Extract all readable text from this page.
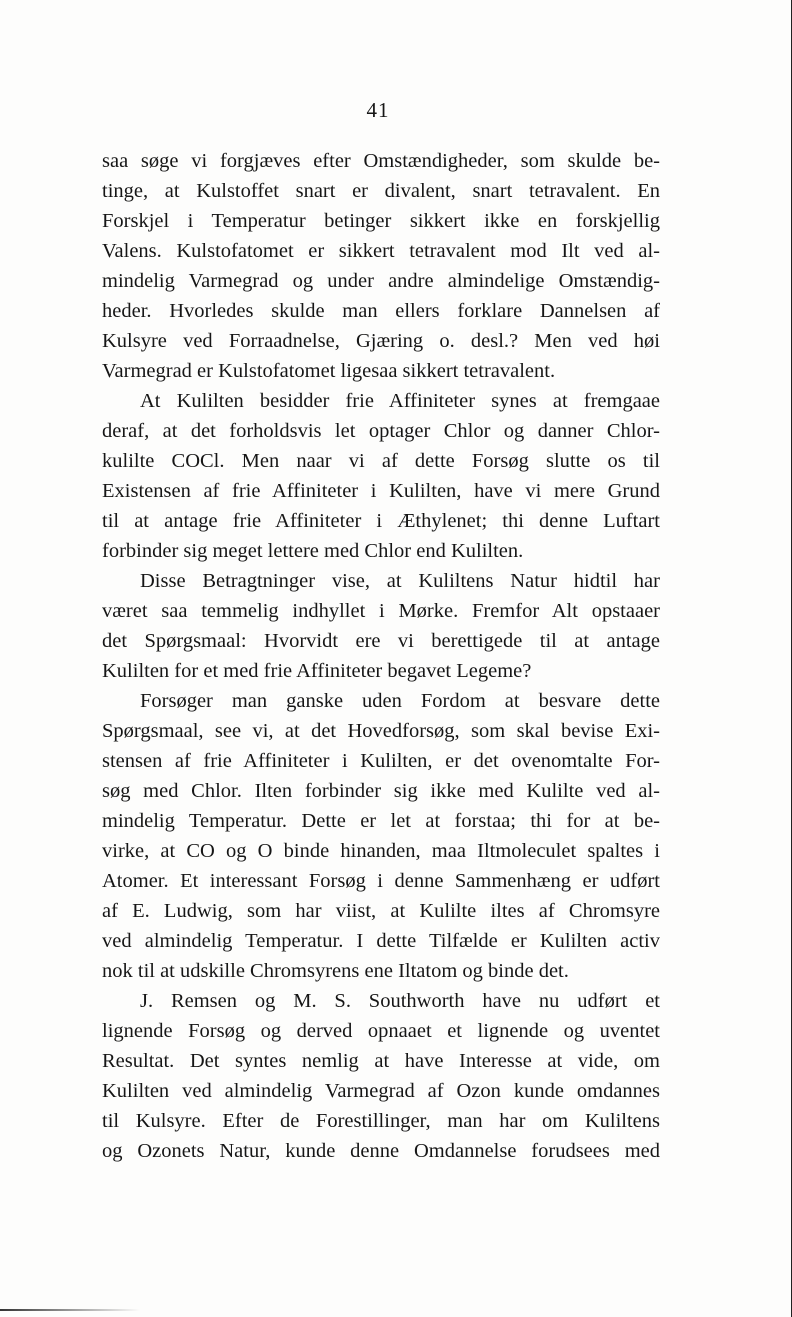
41
saa søge vi forgjæves efter Omstændigheder, som skulde be-
tinge, at Kulstoffet snart er divalent, snart tetravalent. En
Forskjel i Temperatur betinger sikkert ikke en forskjellig
Valens. Kulstofatomet er sikkert tetravalent mod Ilt ved al-
mindelig Varmegrad og under andre almindelige Omstændig-
heder. Hvorledes skulde man ellers forklare Dannelsen af
Kulsyre ved Forraadnelse, Gjæring o. desl.? Men ved høi
Varmegrad er Kulstofatomet ligesaa sikkert tetravalent.
At Kulilten besidder frie Affiniteter synes at fremgaae
deraf, at det forholdsvis let optager Chlor og danner Chlor-
kulilte COCl. Men naar vi af dette Forsøg slutte os til
Existensen af frie Affiniteter i Kulilten, have vi mere Grund
til at antage frie Affiniteter i Æthylenet; thi denne Luftart
forbinder sig meget lettere med Chlor end Kulilten.
Disse Betragtninger vise, at Kuliltens Natur hidtil har
været saa temmelig indhyllet i Mørke. Fremfor Alt opstaaer
det Spørgsmaal: Hvorvidt ere vi berettigede til at antage
Kulilten for et med frie Affiniteter begavet Legeme?
Forsøger man ganske uden Fordom at besvare dette
Spørgsmaal, see vi, at det Hovedforsøg, som skal bevise Exi-
stensen af frie Affiniteter i Kulilten, er det ovenomtalte For-
søg med Chlor. Ilten forbinder sig ikke med Kulilte ved al-
mindelig Temperatur. Dette er let at forstaa; thi for at be-
virke, at CO og O binde hinanden, maa Iltmoleculet spaltes i
Atomer. Et interessant Forsøg i denne Sammenhæng er udført
af E. Ludwig, som har viist, at Kulilte iltes af Chromsyre
ved almindelig Temperatur. I dette Tilfælde er Kulilten activ
nok til at udskille Chromsyrens ene Iltatom og binde det.
J. Remsen og M. S. Southworth have nu udført et
lignende Forsøg og derved opnaaet et lignende og uventet
Resultat. Det syntes nemlig at have Interesse at vide, om
Kulilten ved almindelig Varmegrad af Ozon kunde omdannes
til Kulsyre. Efter de Forestillinger, man har om Kuliltens
og Ozonets Natur, kunde denne Omdannelse forudsees med
